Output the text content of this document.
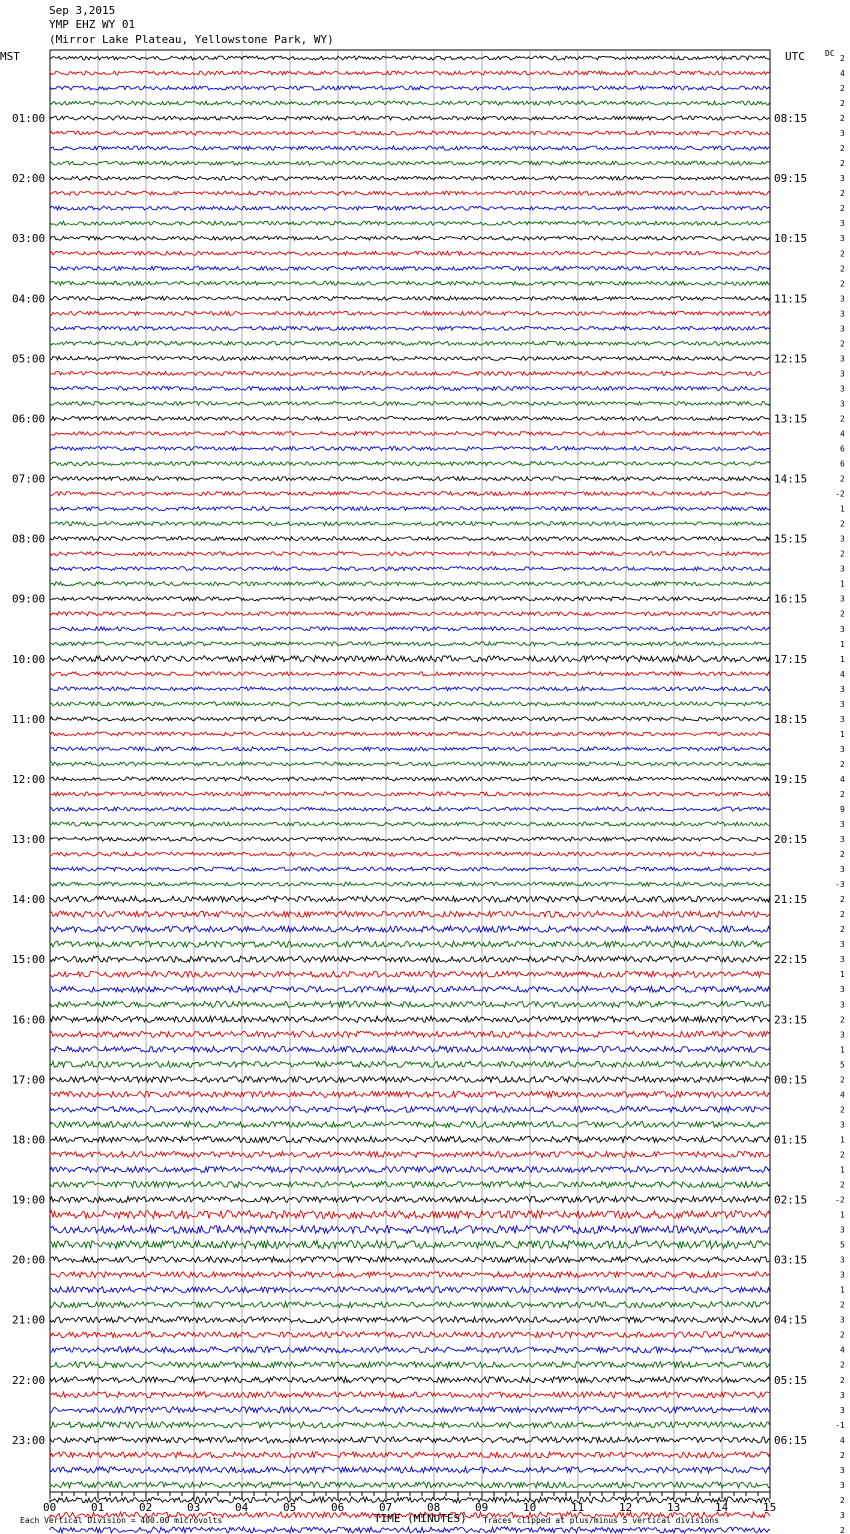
Sep 3,2015
YMP EHZ WY 01
(Mirror Lake Plateau, Yellowstone Park, WY)
MST	UTC	DC
01:00
02:00
03:00
04:00
05:00
06:00
07:00
08:00
09:00
10:00
11:00
12:00
13:00
14:00
15:00
16:00
17:00
18:00
19:00
20:00
21:00
22:00
23:00
08:15
09:15
10:15
11:15
12:15
13:15
14:15
15:15
16:15
17:15
18:15
19:15
20:15
21:15
22:15
23:15
00:15
01:15
02:15
03:15
04:15
05:15
06:15
2
4
2
2
2
3
2
2
3
2
2
3
3
2
2
2
3
3
3
2
3
3
3
3
2
4
6
6
2
-2
1
2
3
2
3
1
3
2
3
1
1
4
3
3
3
1
3
2
4
2
9
3
3
2
3
-3
2
2
2
3
3
1
3
3
2
3
1
5
2
4
2
3
1
2
1
2
-2
1
3
5
3
3
1
2
3
2
4
2
2
3
3
-1
4
2
3
3
2
3
2
00	01	02	03	04	05	06	07	08	09	10	11	12	13	14	15
Each Vertical Division = 400.00 microvolts	TIME (MINUTES) Traces clipped at plus/minus 5 vertical divisions
